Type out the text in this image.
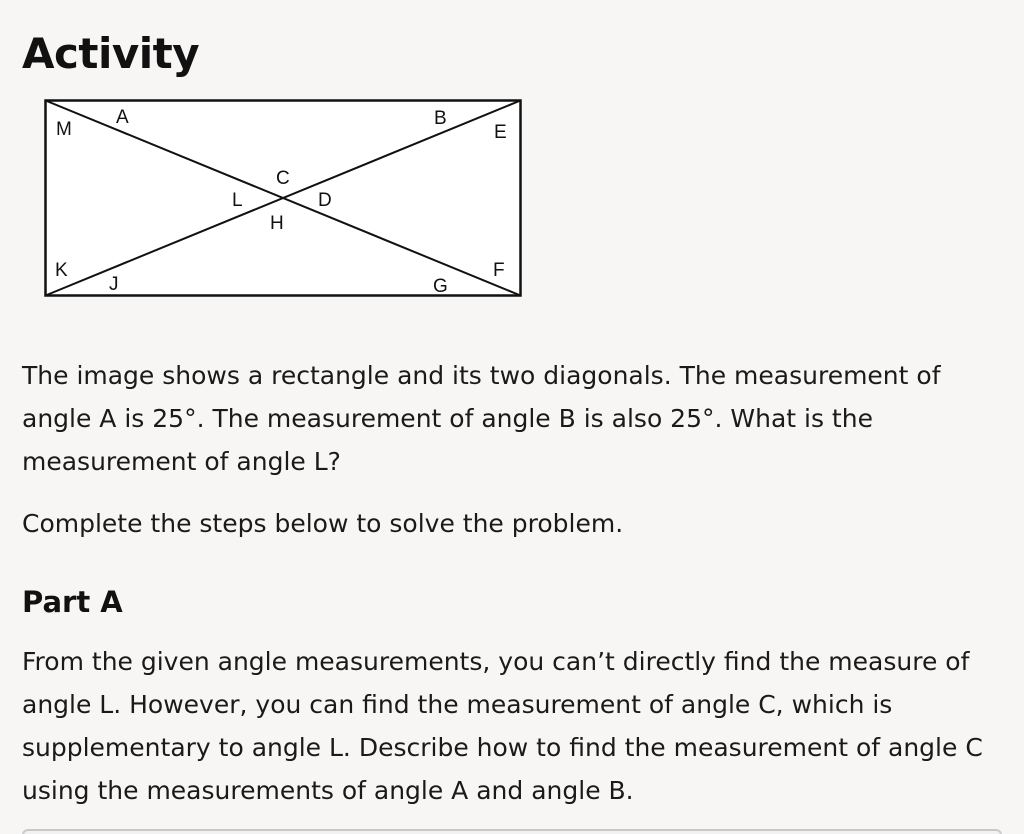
Activity
M
A	B
E
C
L	D
H
K
J	G
F

The image shows a rectangle and its two diagonals. The measurement of angle A is 25°. The measurement of angle B is also 25°. What is the measurement of angle L?

Complete the steps below to solve the problem.

Part A

From the given angle measurements, you can’t directly find the measure of angle L. However, you can find the measurement of angle C, which is supplementary to angle L. Describe how to find the measurement of angle C using the measurements of angle A and angle B.
